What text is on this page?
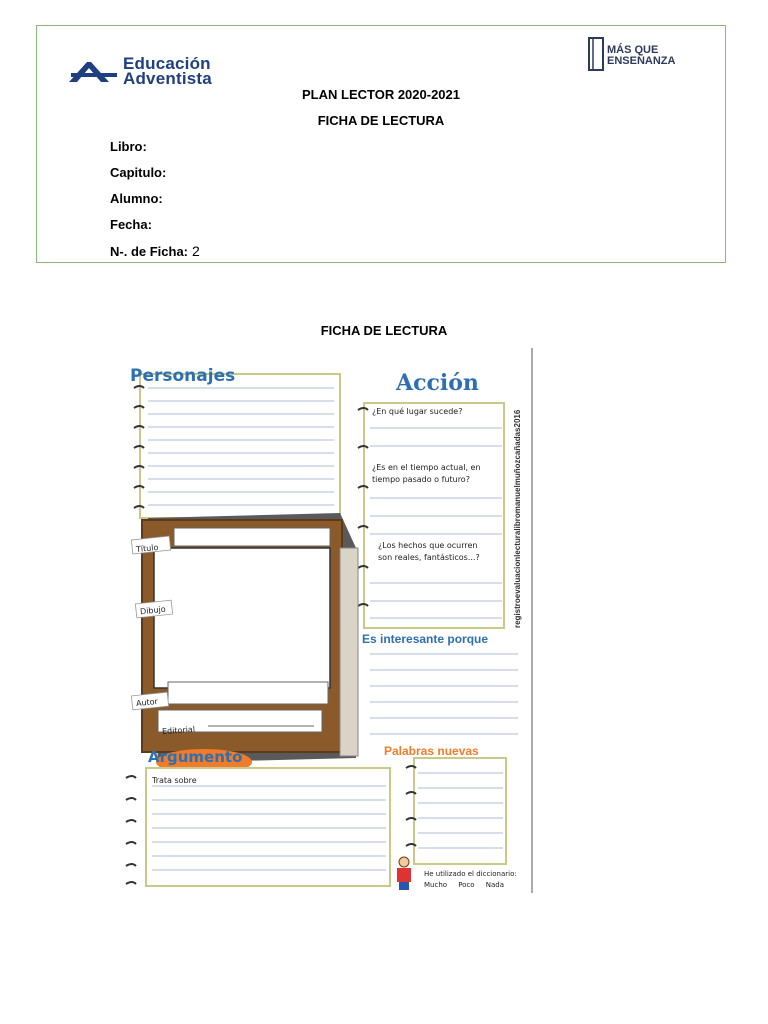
Educación
Adventista
MÁS QUE
ENSEÑANZA
PLAN LECTOR 2020-2021
FICHA DE LECTURA
Libro:
Capitulo:
Alumno:
Fecha:
N-. de Ficha: 2
FICHA DE LECTURA
Personajes	Acción
¿En qué lugar sucede?
¿Es en el tiempo actual, en
tiempo pasado o futuro?
¿Los hechos que ocurren
son reales, fantásticos...?
Título
Dibujo
Autor
Editorial
Es interesante porque
Argumento
Trata sobre
Palabras nuevas
He utilizado el diccionario:
Mucho Poco Nada
registroevaluacionlecturalibromanuelmuñozcañadas2016
